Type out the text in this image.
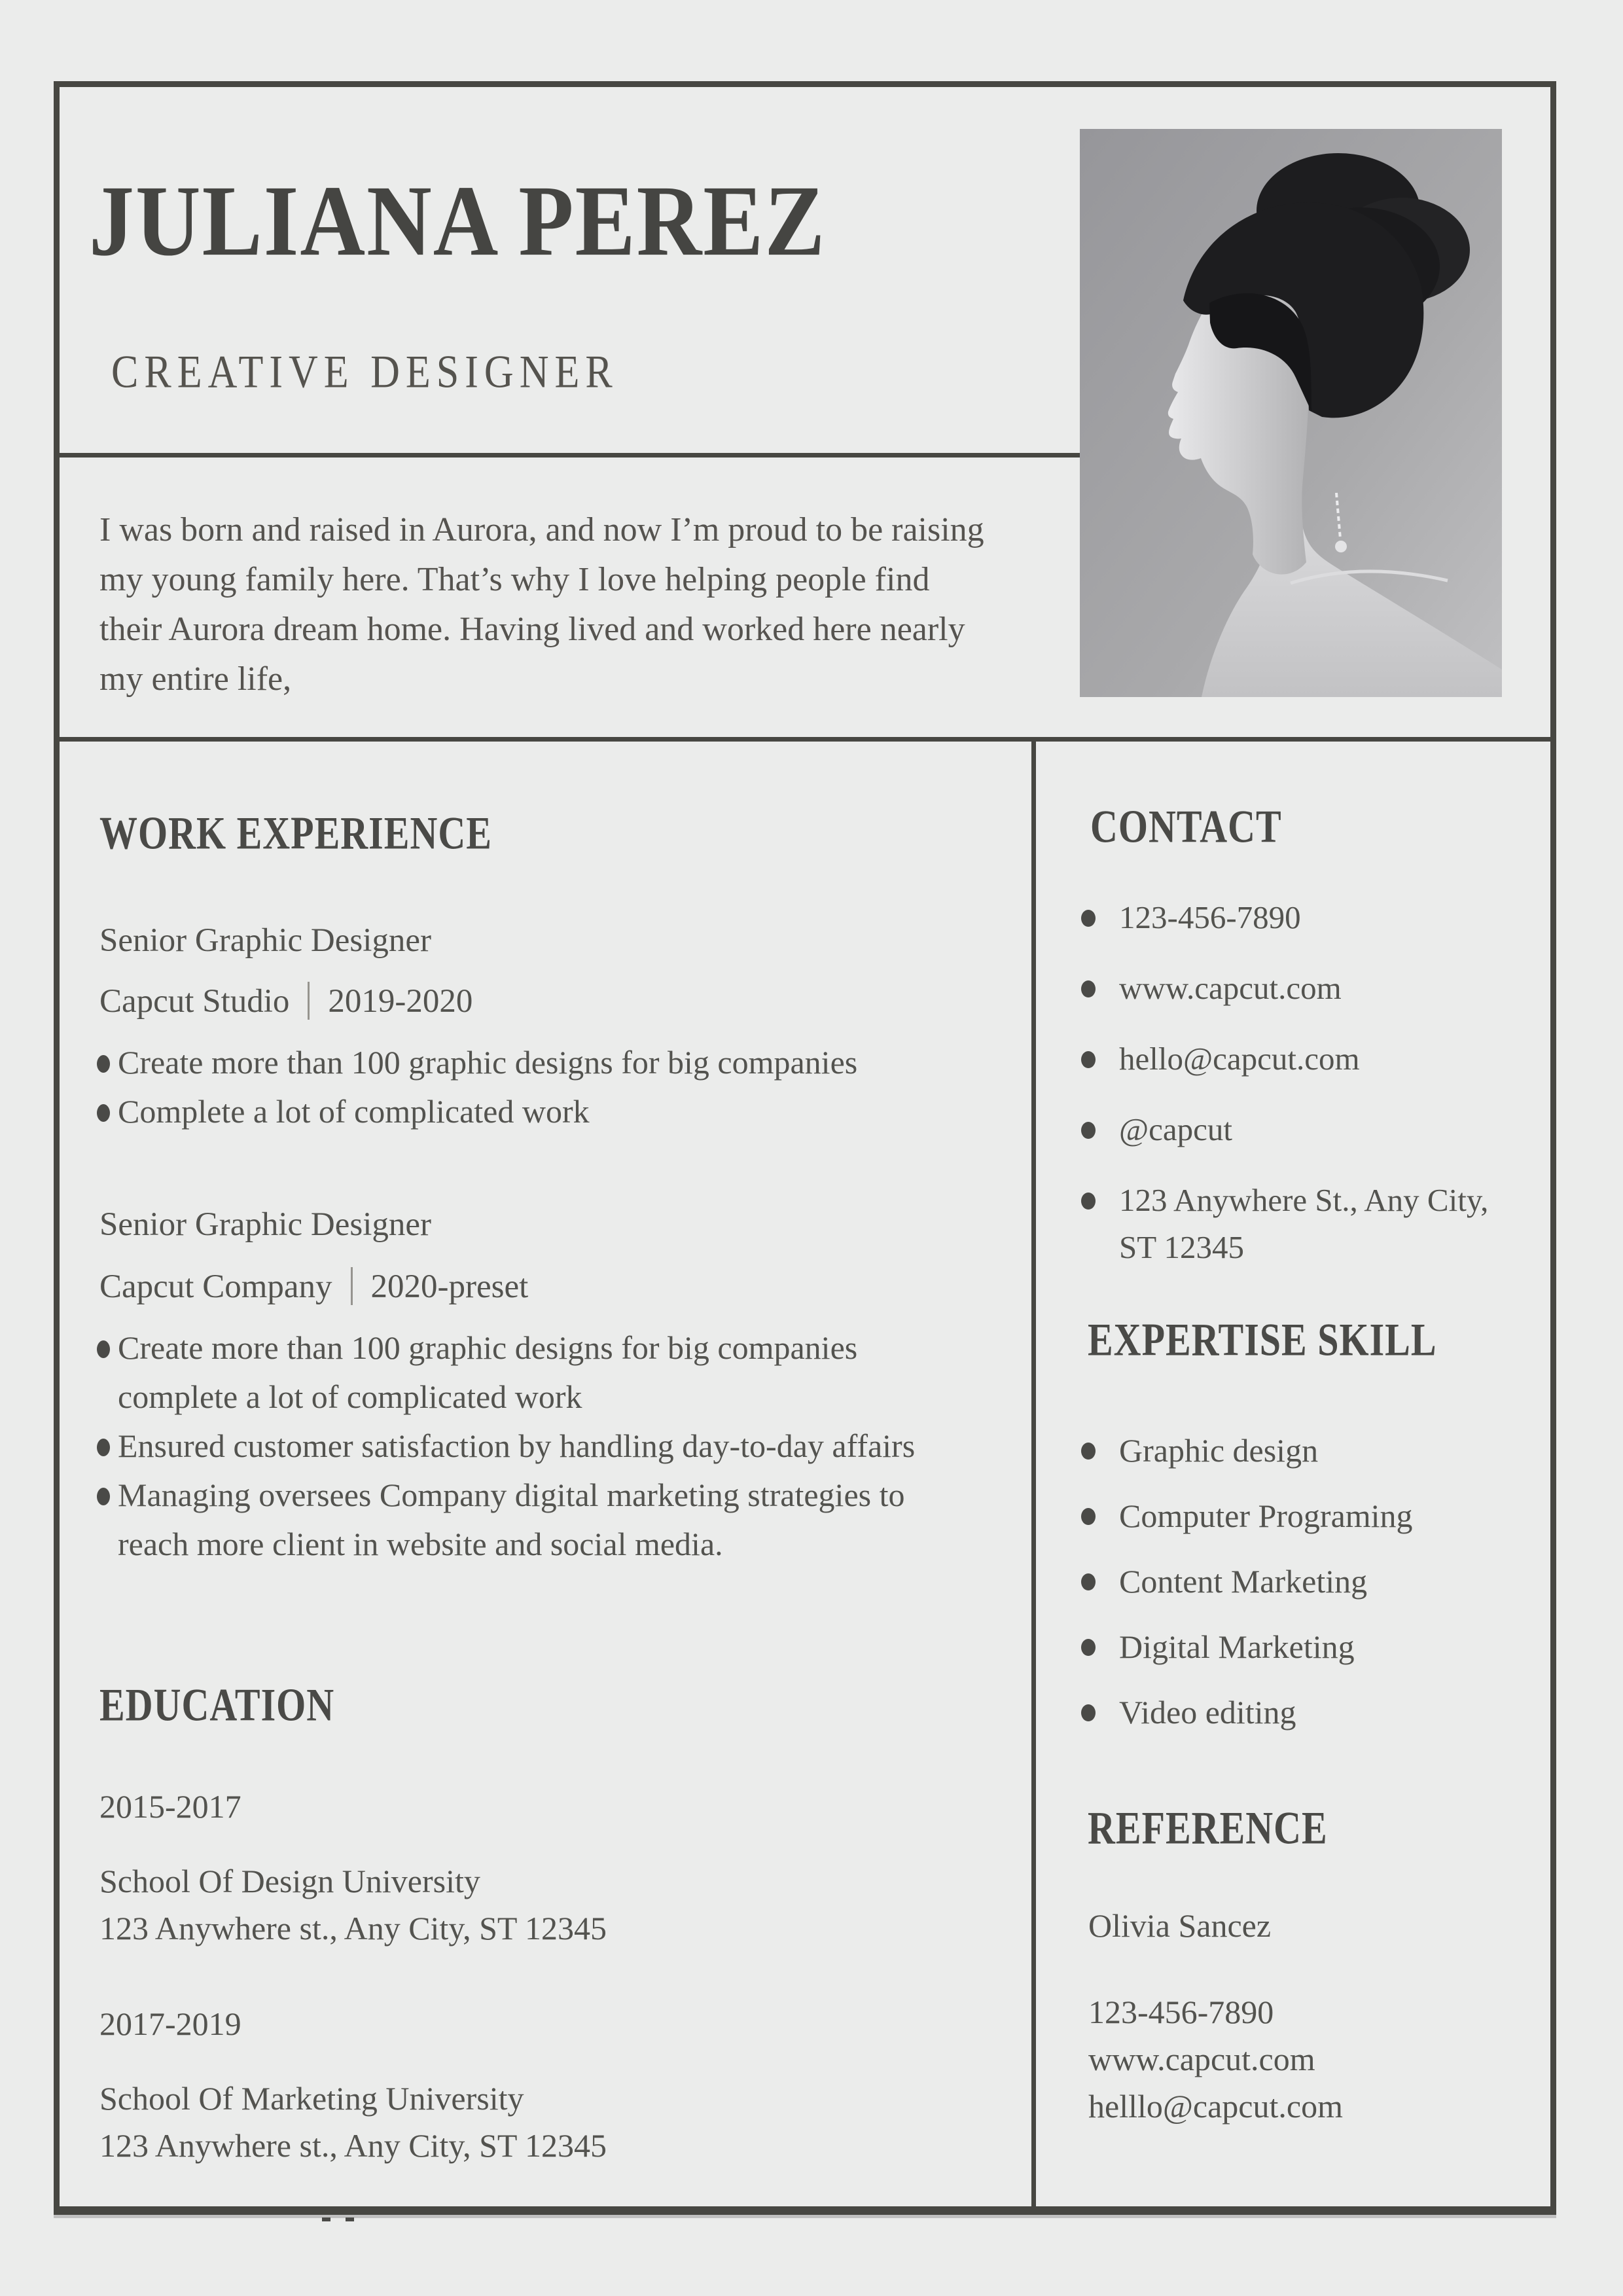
JULIANA PEREZ
CREATIVE DESIGNER

I was born and raised in Aurora, and now I’m proud to be raising my young family here. That’s why I love helping people find their Aurora dream home. Having lived and worked here nearly my entire life,

WORK EXPERIENCE
Senior Graphic Designer
Capcut Studio 2019-2020
Create more than 100 graphic designs for big companies
Complete a lot of complicated work
Senior Graphic Designer
Capcut Company 2020-preset
Create more than 100 graphic designs for big companies complete a lot of complicated work
Ensured customer satisfaction by handling day-to-day affairs
Managing oversees Company digital marketing strategies to reach more client in website and social media.
EDUCATION
2015-2017
School Of Design University
123 Anywhere st., Any City, ST 12345
2017-2019
School Of Marketing University
123 Anywhere st., Any City, ST 12345
CONTACT
123-456-7890
www.capcut.com
hello@capcut.com
@capcut
123 Anywhere St., Any City, ST 12345
EXPERTISE SKILL
Graphic design
Computer Programing
Content Marketing
Digital Marketing
Video editing
REFERENCE
Olivia Sancez
123-456-7890
www.capcut.com
helllo@capcut.com
